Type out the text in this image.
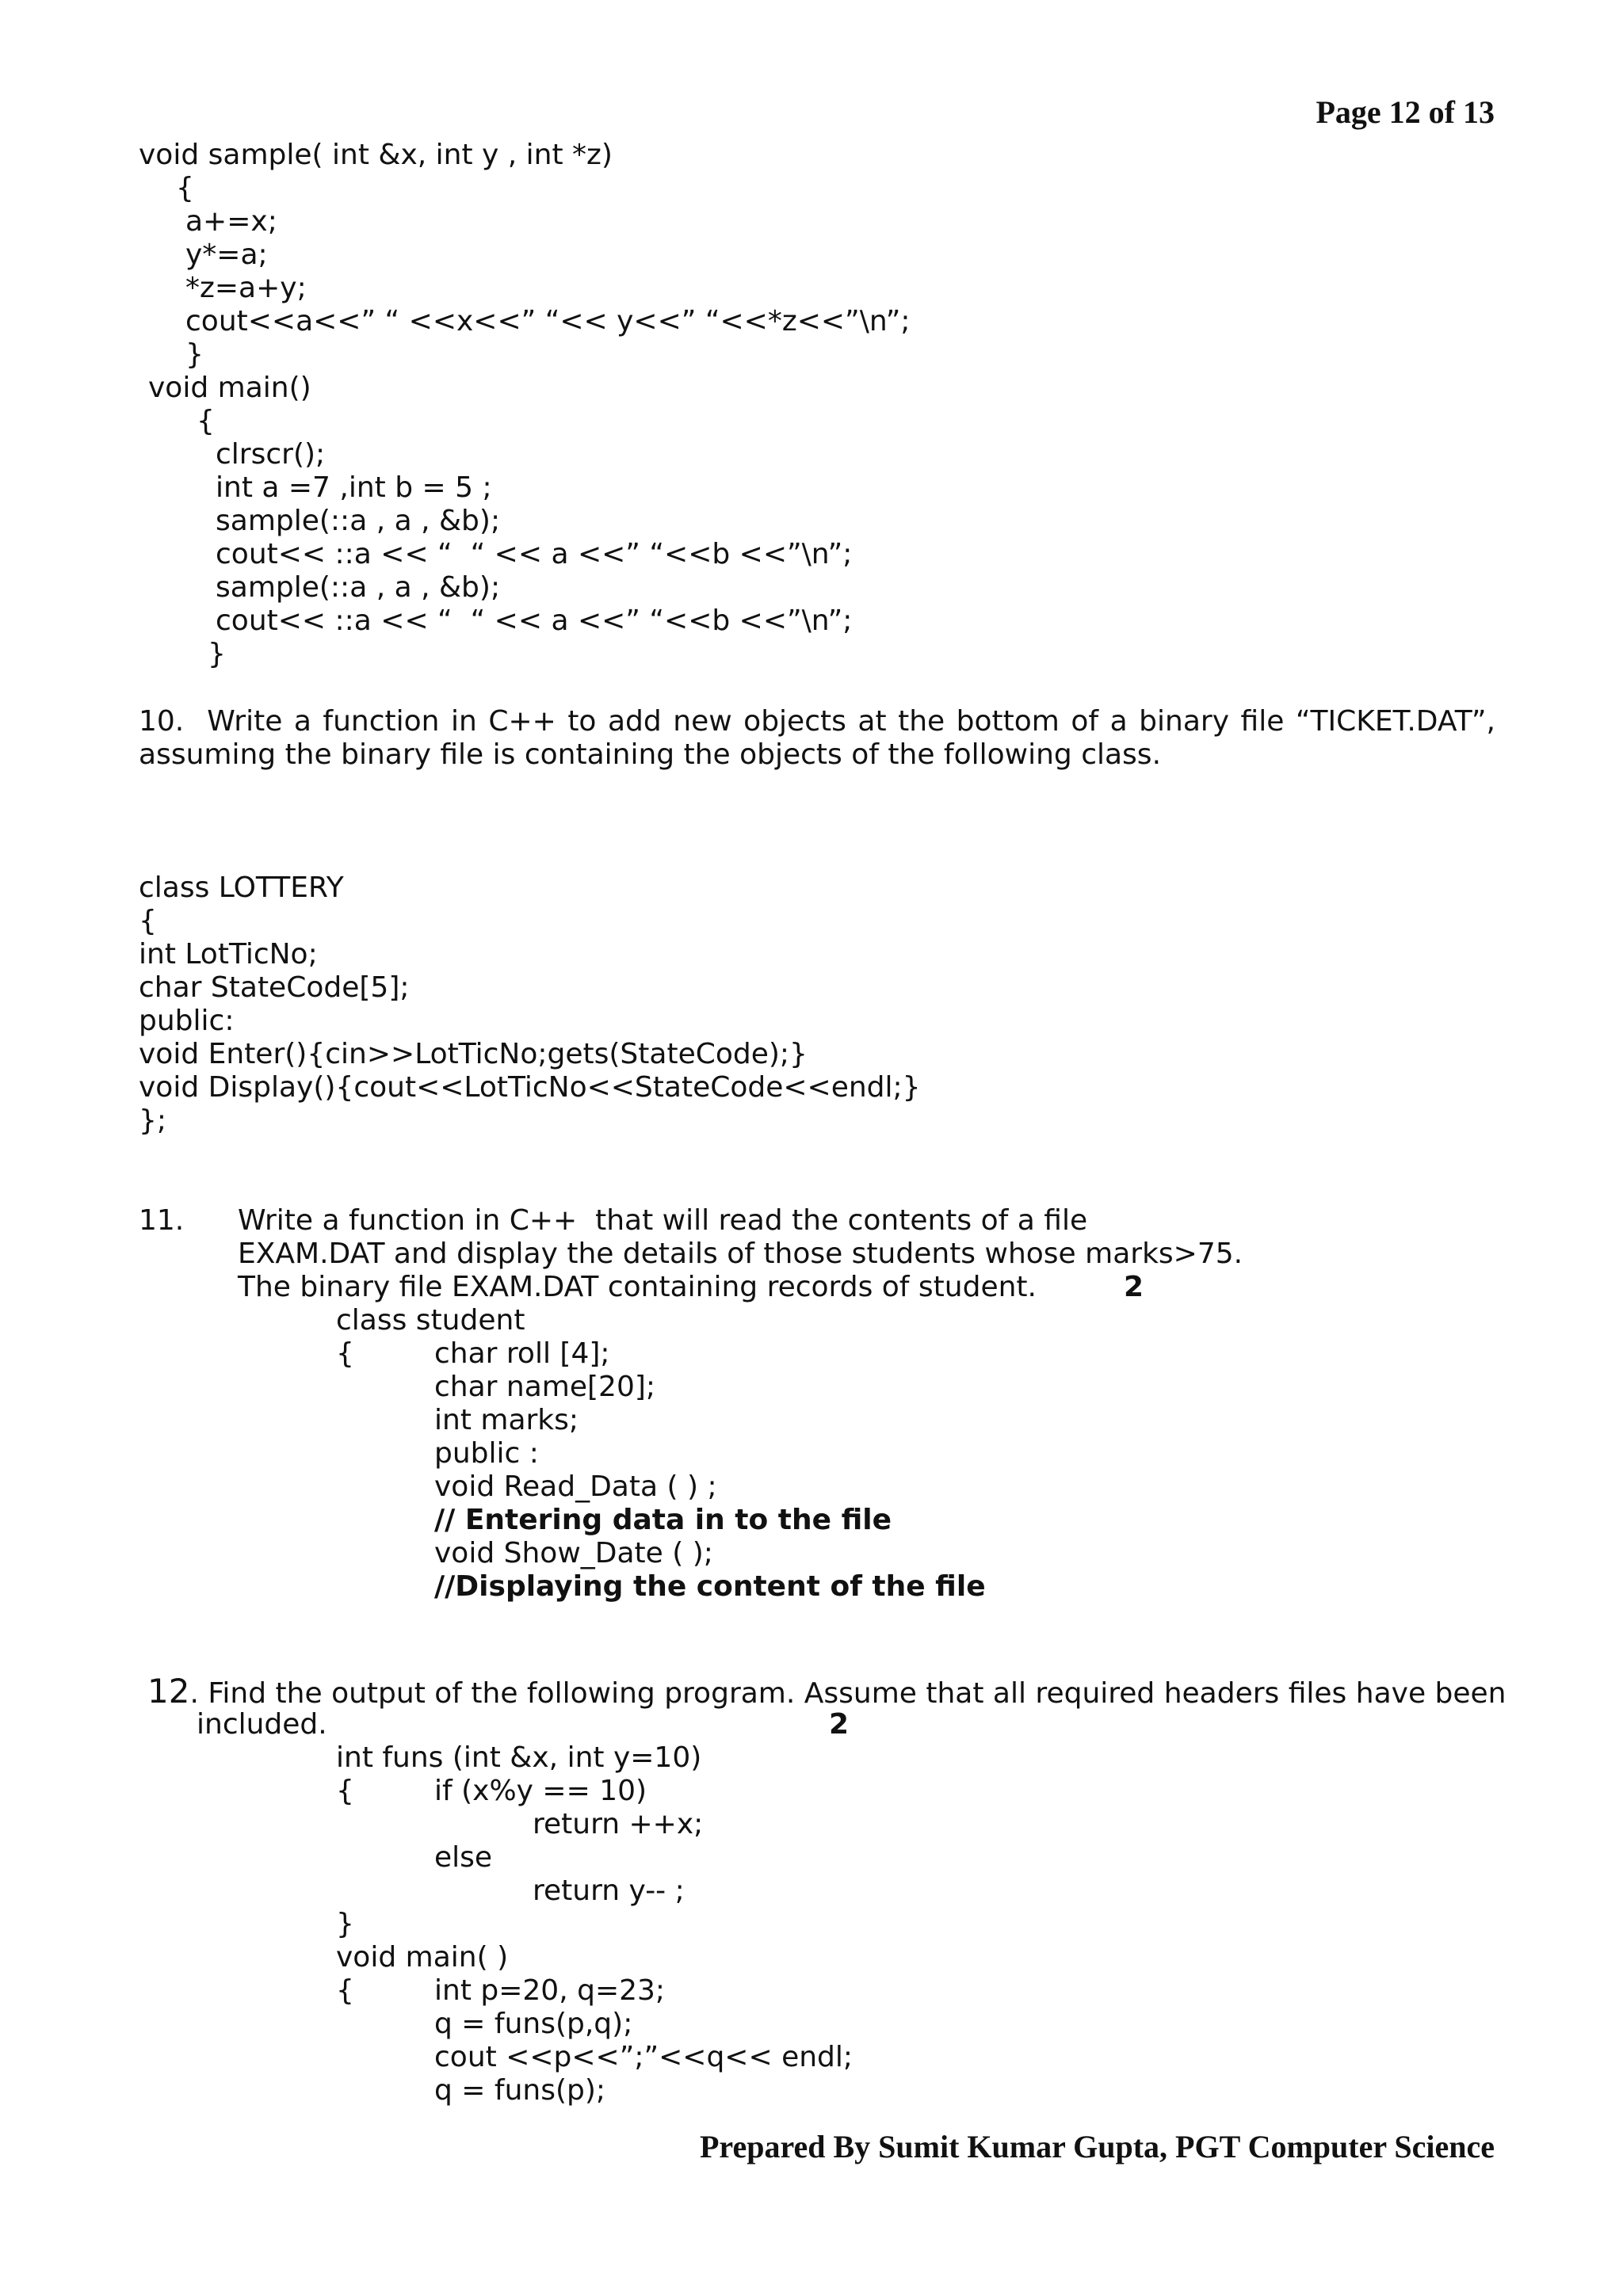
Page 12 of 13
void sample( int &x, int y , int *z)
{
a+=x;
y*=a;
*z=a+y;
cout<<a<<” “ <<x<<” “<< y<<” “<<*z<<”\n”;
}
void main()
{
clrscr();
int a =7 ,int b = 5 ;
sample(::a , a , &b);
cout<< ::a << “  “ << a <<” “<<b <<”\n”;
sample(::a , a , &b);
cout<< ::a << “  “ << a <<” “<<b <<”\n”;
}
10. Write a function in C++ to add new objects at the bottom of a binary file “TICKET.DAT”, assuming the binary file is containing the objects of the following class.
class LOTTERY
{
int LotTicNo;
char StateCode[5];
public:
void Enter(){cin>>LotTicNo;gets(StateCode);}
void Display(){cout<<LotTicNo<<StateCode<<endl;}
};
11. Write a function in C++  that will read the contents of a file
EXAM.DAT and display the details of those students whose marks>75.
The binary file EXAM.DAT containing records of student.	2
class student
{	char roll [4];
char name[20];
int marks;
public :
void Read_Data ( ) ;
// Entering data in to the file
void Show_Date ( );
//Displaying the content of the file
12. Find the output of the following program. Assume that all required headers files have been
included.	2
int funs (int &x, int y=10)
{	if (x%y == 10)
return ++x;
else
return y-- ;
}
void main( )
{	int p=20, q=23;
q = funs(p,q);
cout <<p<<”;”<<q<< endl;
q = funs(p);
Prepared By Sumit Kumar Gupta, PGT Computer Science
